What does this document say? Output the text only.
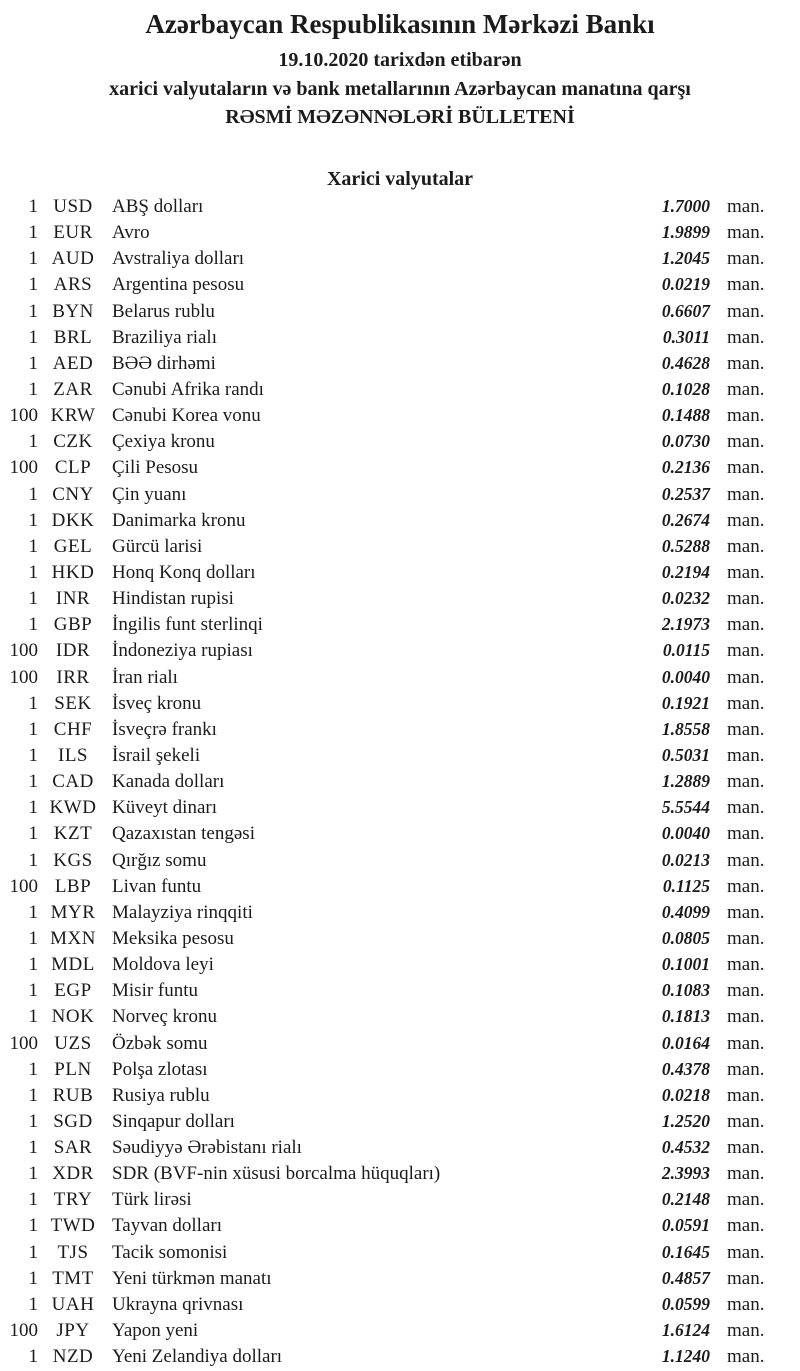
Azərbaycan Respublikasının Mərkəzi Bankı
19.10.2020 tarixdən etibarən
xarici valyutaların və bank metallarının Azərbaycan manatına qarşı
RƏSMİ MƏZƏNNƏLƏRİ BÜLLETENİ
Xarici valyutalar
1 USD	ABŞ dolları	1.7000 man.
1 EUR	Avro	1.9899 man.
1 AUD Avstraliya dolları	1.2045 man.
1 ARS	Argentina pesosu	0.0219 man.
1 BYN Belarus rublu	0.6607 man.
1 BRL	Braziliya rialı	0.3011 man.
1 AED BƏƏ dirhəmi	0.4628 man.
1 ZAR	Cənubi Afrika randı	0.1028 man.
100 KRW Cənubi Korea vonu	0.1488 man.
1 CZK	Çexiya kronu	0.0730 man.
100 CLP	Çili Pesosu	0.2136 man.
1 CNY Çin yuanı	0.2537 man.
1 DKK Danimarka kronu	0.2674 man.
1 GEL	Gürcü larisi	0.5288 man.
1 HKD Honq Konq dolları	0.2194 man.
1 INR	Hindistan rupisi	0.0232 man.
1 GBP	İngilis funt sterlinqi	2.1973 man.
100 IDR	İndoneziya rupiası	0.0115 man.
100 IRR	İran rialı	0.0040 man.
1 SEK	İsveç kronu	0.1921 man.
1 CHF	İsveçrə frankı	1.8558 man.
1	ILS	İsrail şekeli	0.5031 man.
1 CAD Kanada dolları	1.2889 man.
1 KWD Küveyt dinarı	5.5544 man.
1 KZT	Qazaxıstan tengəsi	0.0040 man.
1 KGS	Qırğız somu	0.0213 man.
100 LBP	Livan funtu	0.1125 man.
1 MYR Malayziya rinqqiti	0.4099 man.
1 MXN Meksika pesosu	0.0805 man.
1 MDL Moldova leyi	0.1001 man.
1 EGP	Misir funtu	0.1083 man.
1 NOK Norveç kronu	0.1813 man.
100 UZS	Özbək somu	0.0164 man.
1 PLN	Polşa zlotası	0.4378 man.
1 RUB Rusiya rublu	0.0218 man.
1 SGD	Sinqapur dolları	1.2520 man.
1 SAR	Səudiyyə Ərəbistanı rialı	0.4532 man.
1 XDR SDR (BVF-nin xüsusi borcalma hüquqları)	2.3993 man.
1 TRY	Türk lirəsi	0.2148 man.
1 TWD Tayvan dolları	0.0591 man.
1	TJS	Tacik somonisi	0.1645 man.
1 TMT Yeni türkmən manatı	0.4857 man.
1 UAH Ukrayna qrivnası	0.0599 man.
100 JPY	Yapon yeni	1.6124 man.
1 NZD Yeni Zelandiya dolları	1.1240 man.
